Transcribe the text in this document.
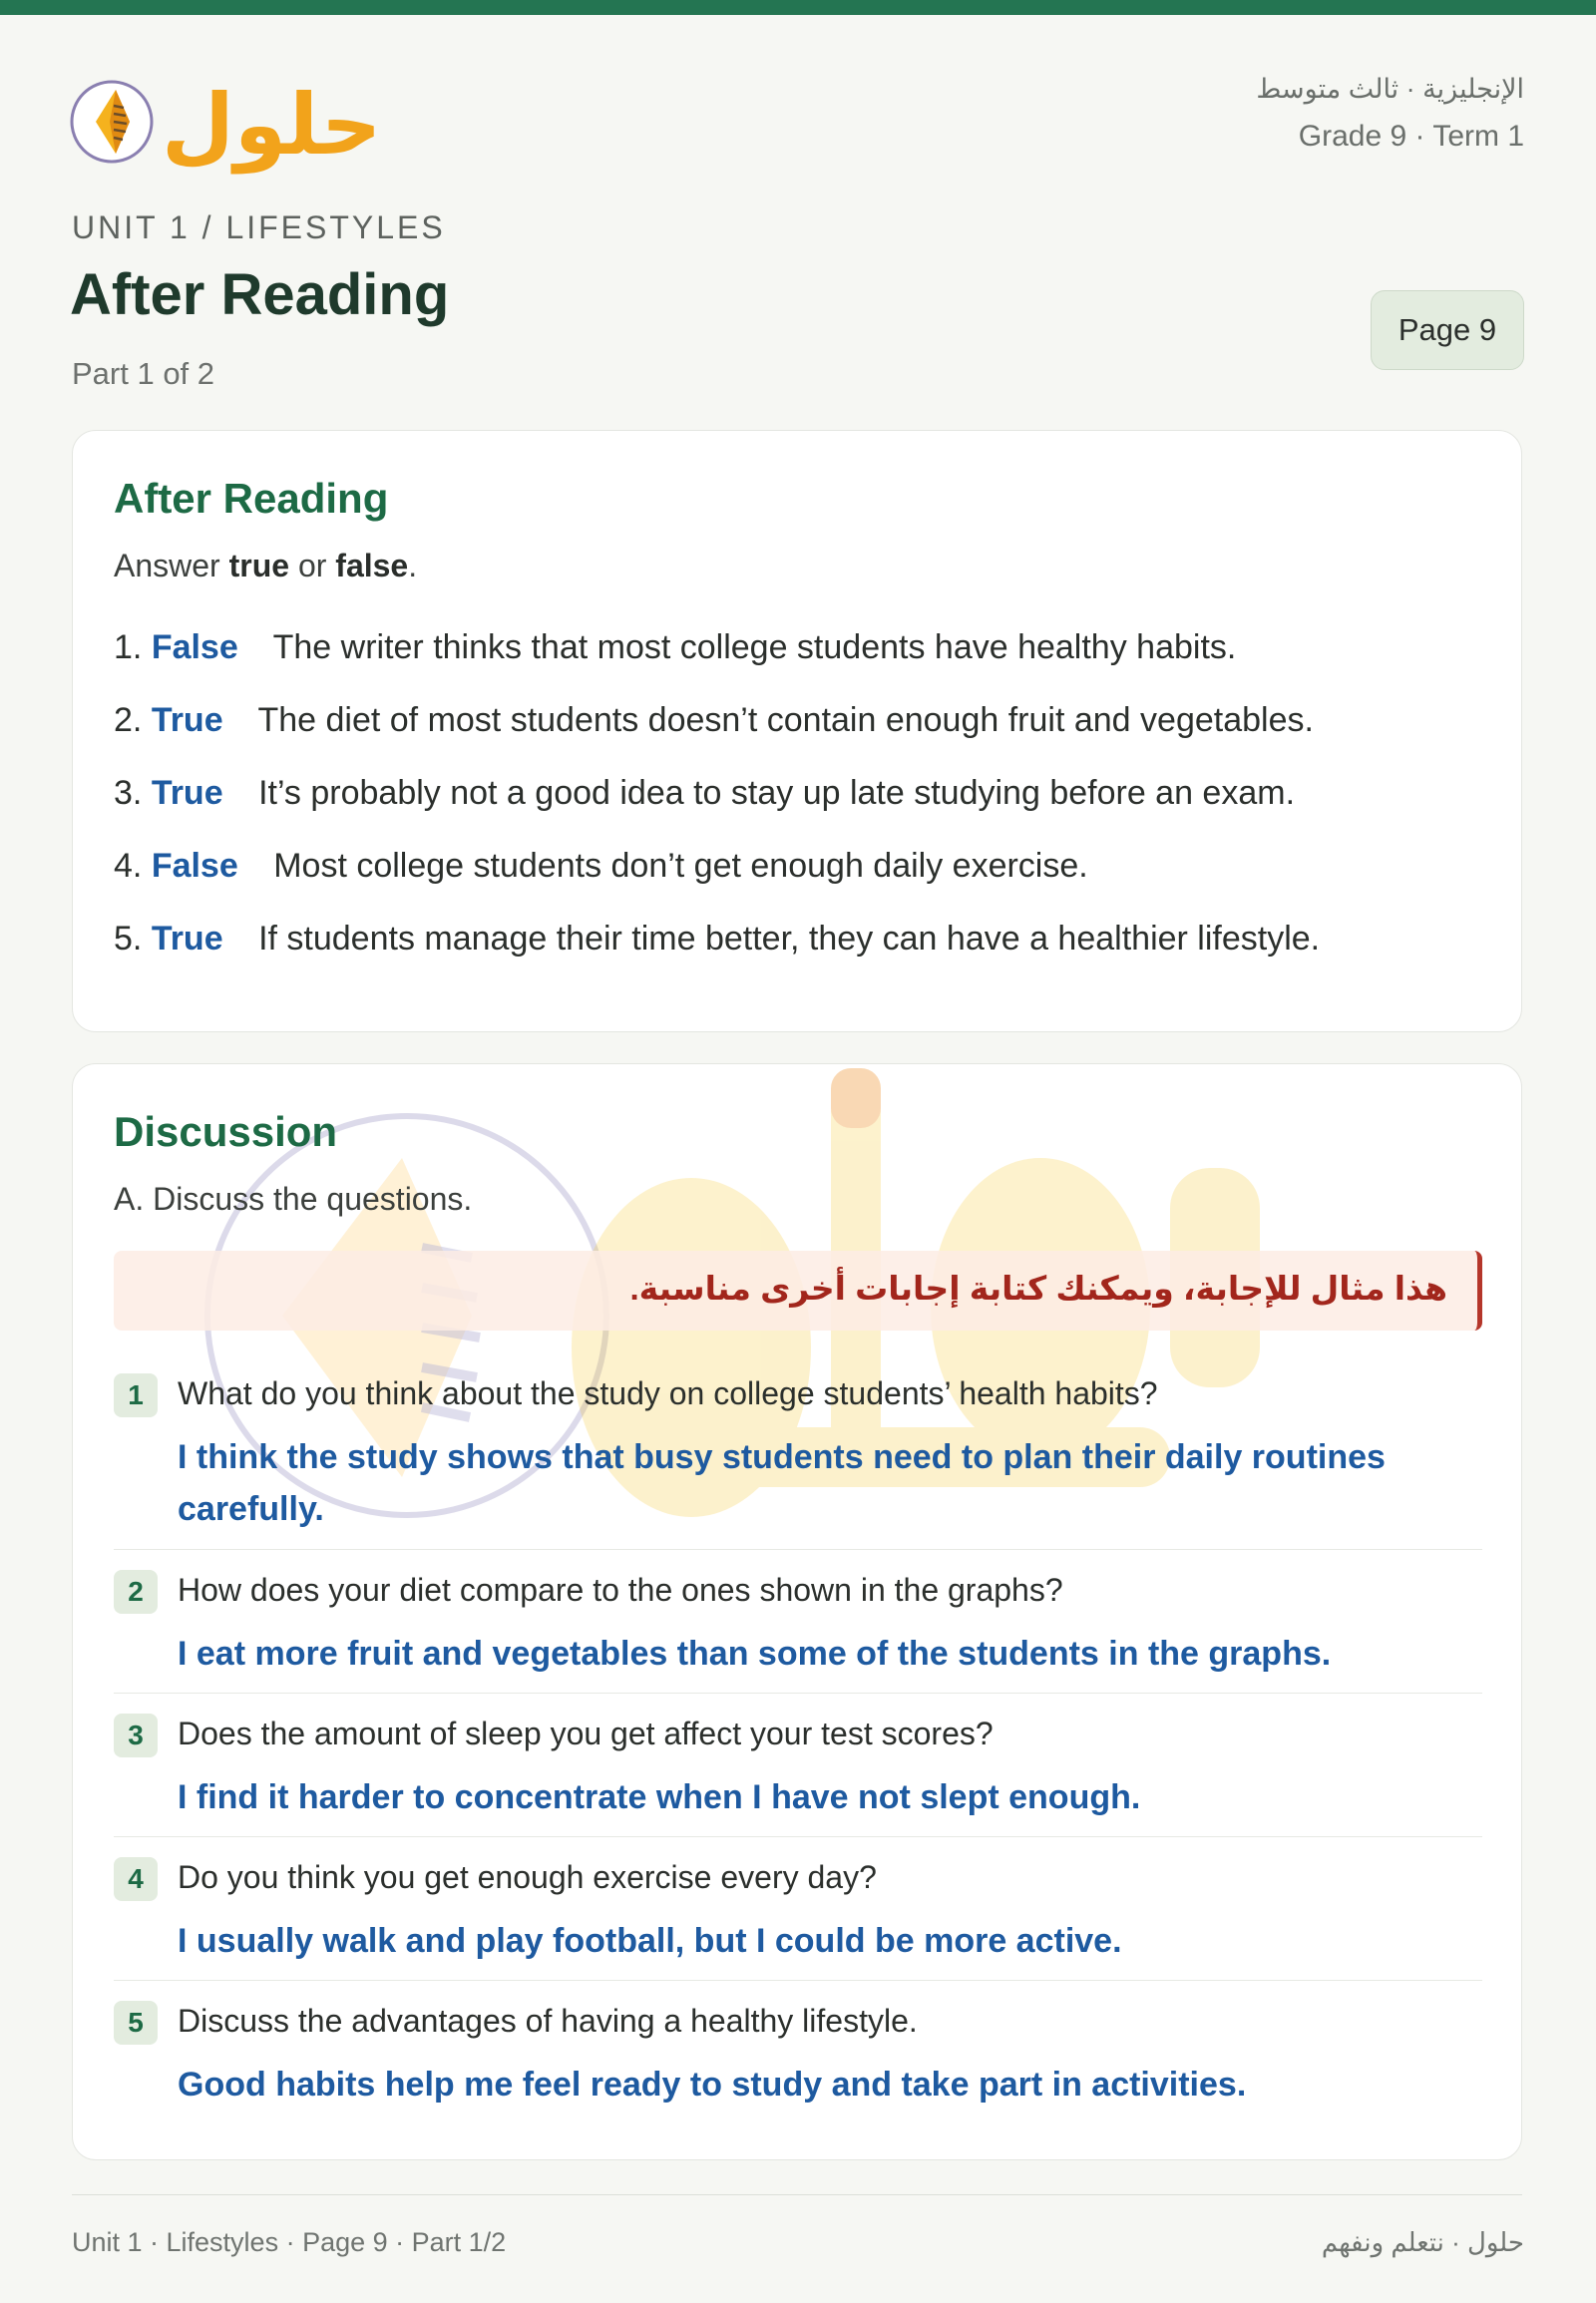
حلول	الإنجليزية · ثالث متوسط
Grade 9 · Term 1
UNIT 1 / LIFESTYLES
After Reading
Part 1 of 2
Page 9
After Reading
Answer true or false.
1. False The writer thinks that most college students have healthy habits.
2. True The diet of most students doesn’t contain enough fruit and vegetables.
3. True It’s probably not a good idea to stay up late studying before an exam.
4. False Most college students don’t get enough daily exercise.
5. True If students manage their time better, they can have a healthier lifestyle.
Discussion
A. Discuss the questions.
هذا مثال للإجابة، ويمكنك كتابة إجابات أخرى مناسبة.
1	What do you think about the study on college students’ health habits?
I think the study shows that busy students need to plan their daily routines carefully.
2	How does your diet compare to the ones shown in the graphs?
I eat more fruit and vegetables than some of the students in the graphs.
3	Does the amount of sleep you get affect your test scores?
I find it harder to concentrate when I have not slept enough.
4	Do you think you get enough exercise every day?
I usually walk and play football, but I could be more active.
5	Discuss the advantages of having a healthy lifestyle.
Good habits help me feel ready to study and take part in activities.
Unit 1 · Lifestyles · Page 9 · Part 1/2	حلول · نتعلم ونفهم
